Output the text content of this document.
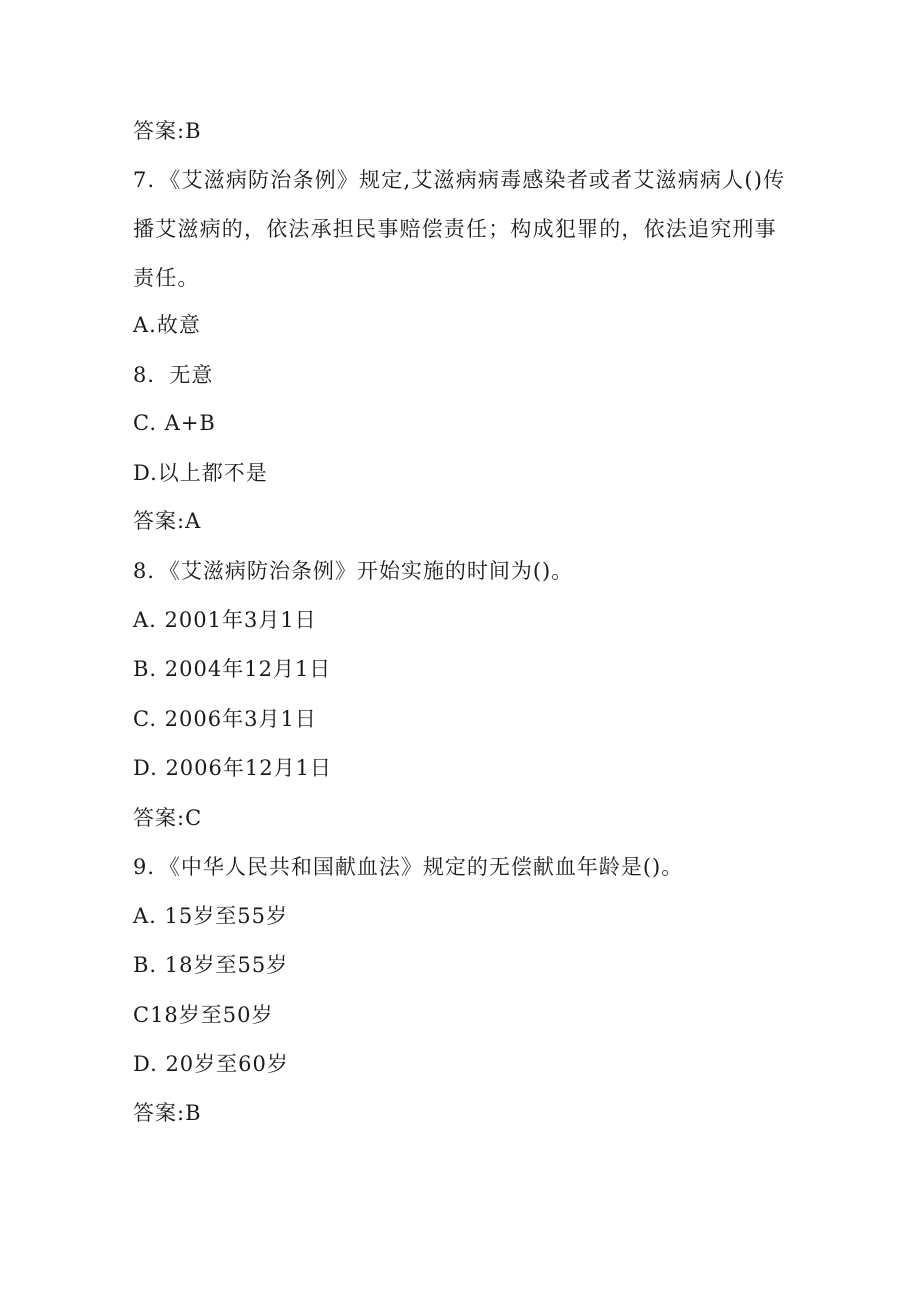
答案:B
7．《艾滋病防治条例》规定,艾滋病病毒感染者或者艾滋病病人()传播艾滋病的，依法承担民事赔偿责任；构成犯罪的，依法追究刑事责任。
A.故意
8．无意
C. A+B
D.以上都不是
答案:A
8．《艾滋病防治条例》开始实施的时间为()。
A. 2001年3月1日
B. 2004年12月1日
C. 2006年3月1日
D. 2006年12月1日
答案:C
9．《中华人民共和国献血法》规定的无偿献血年龄是()。
A. 15岁至55岁
B. 18岁至55岁
C18岁至50岁
D. 20岁至60岁
答案:B
